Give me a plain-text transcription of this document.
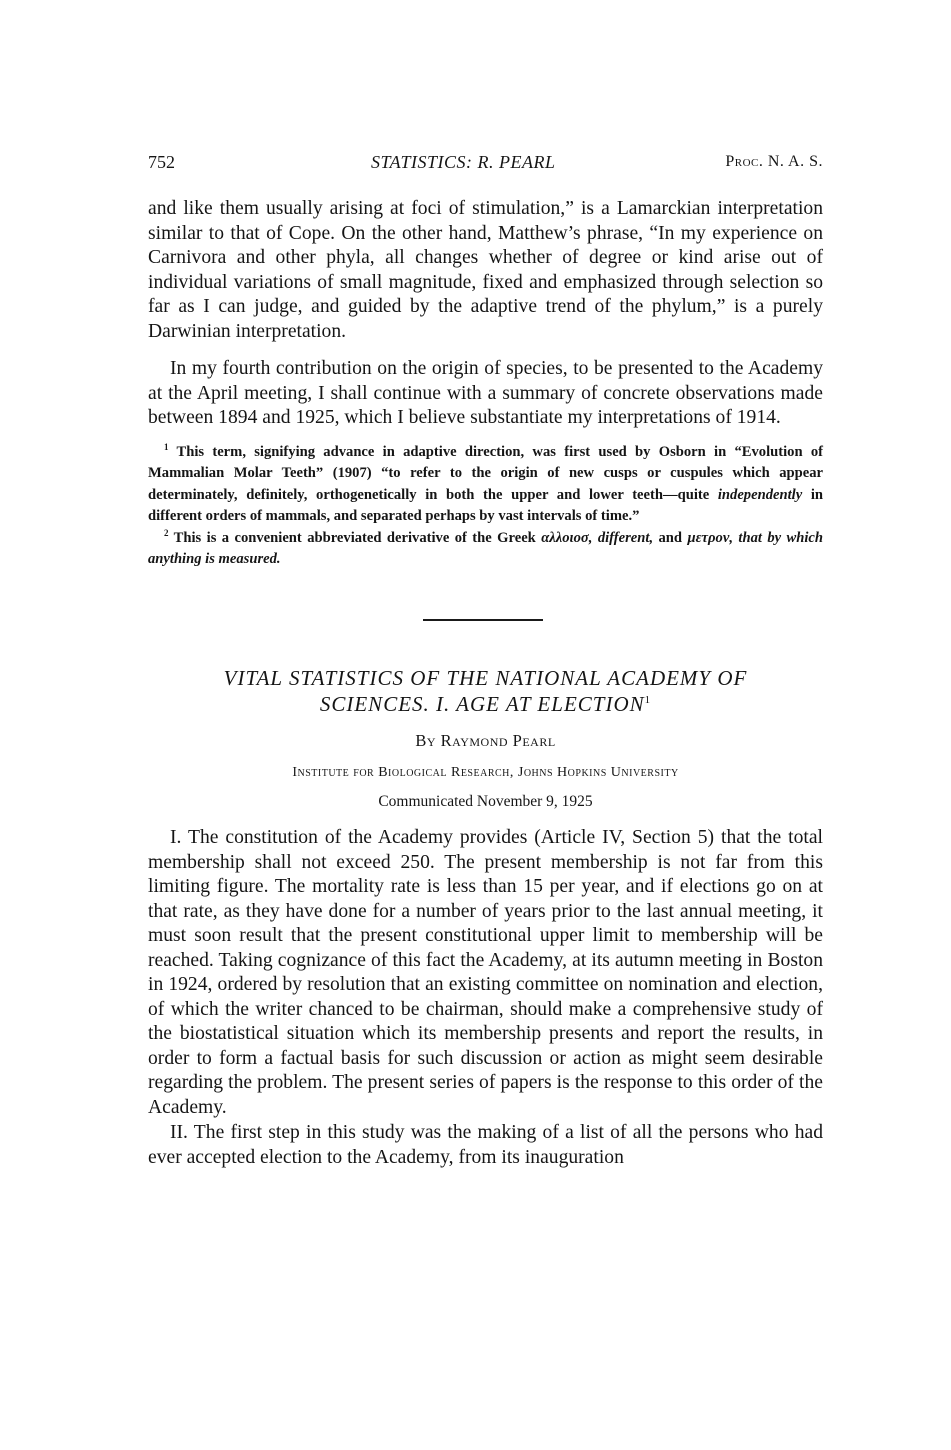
752	STATISTICS: R. PEARL	Proc. N. A. S.

and like them usually arising at foci of stimulation,” is a Lamarckian interpretation similar to that of Cope. On the other hand, Matthew’s phrase, “In my experience on Carnivora and other phyla, all changes whether of degree or kind arise out of individual variations of small magnitude, fixed and emphasized through selection so far as I can judge, and guided by the adaptive trend of the phylum,” is a purely Darwinian interpretation.

In my fourth contribution on the origin of species, to be presented to the Academy at the April meeting, I shall continue with a summary of concrete observations made between 1894 and 1925, which I believe substantiate my interpretations of 1914.

$^1$ This term, signifying advance in adaptive direction, was first used by Osborn in “Evolution of Mammalian Molar Teeth” (1907) “to refer to the origin of new cusps or cuspules which appear determinately, definitely, orthogenetically in both the upper and lower teeth—quite independently in different orders of mammals, and separated perhaps by vast intervals of time.”

$^2$ This is a convenient abbreviated derivative of the Greek αλλοιοσ, different, and μετρον, that by which anything is measured.

VITAL STATISTICS OF THE NATIONAL ACADEMY OF
SCIENCES. I. AGE AT ELECTION$^1$
By Raymond Pearl
Institute for Biological Research, Johns Hopkins University
Communicated November 9, 1925

I. The constitution of the Academy provides (Article IV, Section 5) that the total membership shall not exceed 250. The present membership is not far from this limiting figure. The mortality rate is less than 15 per year, and if elections go on at that rate, as they have done for a number of years prior to the last annual meeting, it must soon result that the present constitutional upper limit to membership will be reached. Taking cognizance of this fact the Academy, at its autumn meeting in Boston in 1924, ordered by resolution that an existing committee on nomination and election, of which the writer chanced to be chairman, should make a comprehensive study of the biostatistical situation which its membership presents and report the results, in order to form a factual basis for such discussion or action as might seem desirable regarding the problem. The present series of papers is the response to this order of the Academy.

II. The first step in this study was the making of a list of all the persons who had ever accepted election to the Academy, from its inauguration
